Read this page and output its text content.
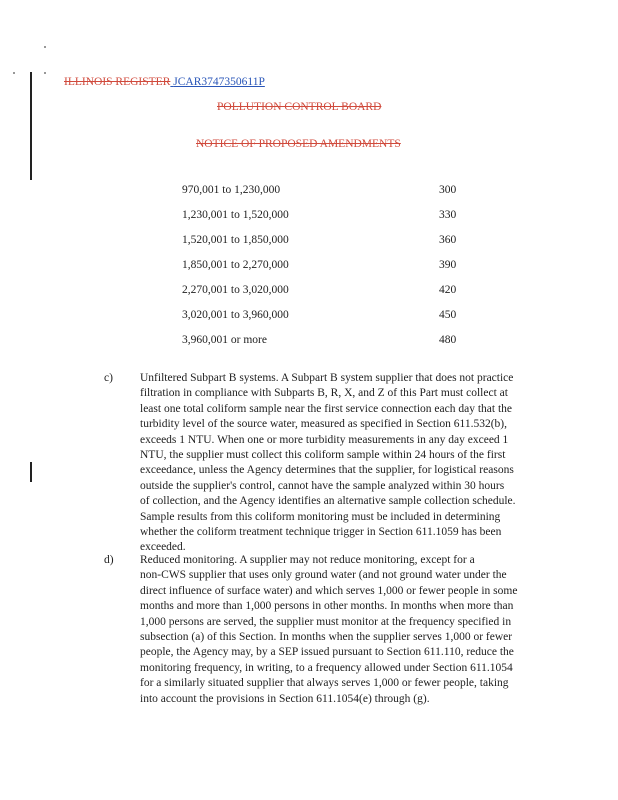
ILLINOIS REGISTER JCAR3747350611P
POLLUTION CONTROL BOARD
NOTICE OF PROPOSED AMENDMENTS
970,001 to 1,230,000	300
1,230,001 to 1,520,000	330
1,520,001 to 1,850,000	360
1,850,001 to 2,270,000	390
2,270,001 to 3,020,000	420
3,020,001 to 3,960,000	450
3,960,001 or more	480
c) Unfiltered Subpart B systems. A Subpart B system supplier that does not practice
filtration in compliance with Subparts B, R, X, and Z of this Part must collect at
least one total coliform sample near the first service connection each day that the
turbidity level of the source water, measured as specified in Section 611.532(b),
exceeds 1 NTU. When one or more turbidity measurements in any day exceed 1
NTU, the supplier must collect this coliform sample within 24 hours of the first
exceedance, unless the Agency determines that the supplier, for logistical reasons
outside the supplier's control, cannot have the sample analyzed within 30 hours
of collection, and the Agency identifies an alternative sample collection schedule.
Sample results from this coliform monitoring must be included in determining
whether the coliform treatment technique trigger in Section 611.1059 has been
exceeded.
d) Reduced monitoring. A supplier may not reduce monitoring, except for a
non-CWS supplier that uses only ground water (and not ground water under the
direct influence of surface water) and which serves 1,000 or fewer people in some
months and more than 1,000 persons in other months. In months when more than
1,000 persons are served, the supplier must monitor at the frequency specified in
subsection (a) of this Section. In months when the supplier serves 1,000 or fewer
people, the Agency may, by a SEP issued pursuant to Section 611.110, reduce the
monitoring frequency, in writing, to a frequency allowed under Section 611.1054
for a similarly situated supplier that always serves 1,000 or fewer people, taking
into account the provisions in Section 611.1054(e) through (g).
